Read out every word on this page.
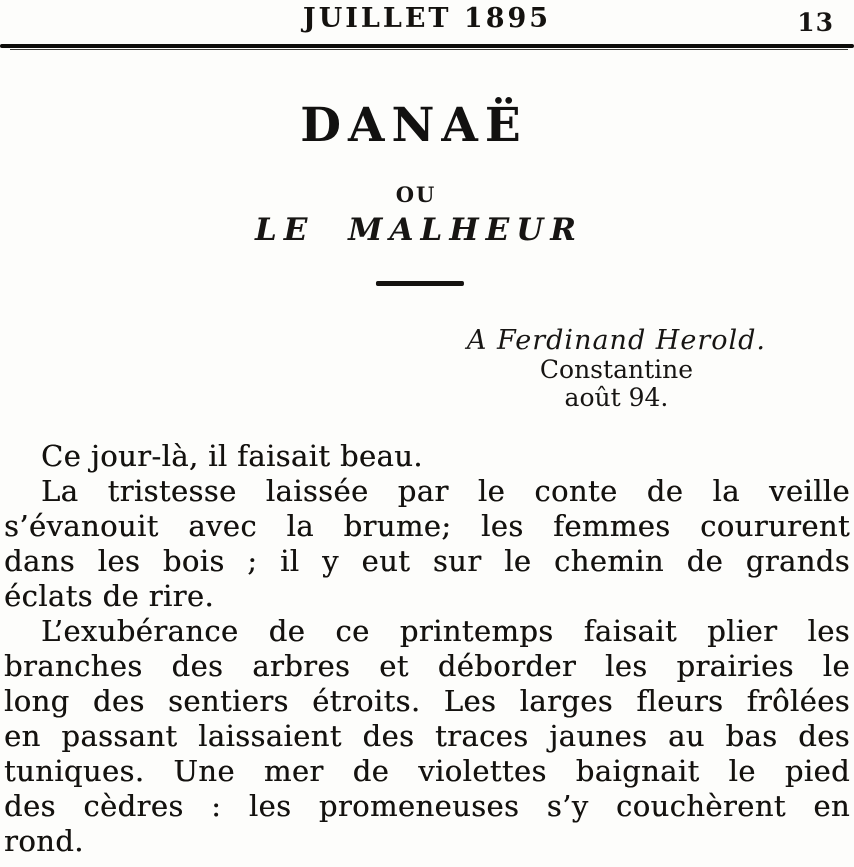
JUILLET 1895	13
DANAË
OU
LE MALHEUR
A Ferdinand Herold.
Constantine
août 94.
Ce jour-là, il faisait beau.
La tristesse laissée par le conte de la veille
s’évanouit avec la brume; les femmes coururent
dans les bois ; il y eut sur le chemin de grands
éclats de rire.
L’exubérance de ce printemps faisait plier les
branches des arbres et déborder les prairies le
long des sentiers étroits. Les larges fleurs frôlées
en passant laissaient des traces jaunes au bas des
tuniques. Une mer de violettes baignait le pied
des cèdres : les promeneuses s’y couchèrent en
rond.
